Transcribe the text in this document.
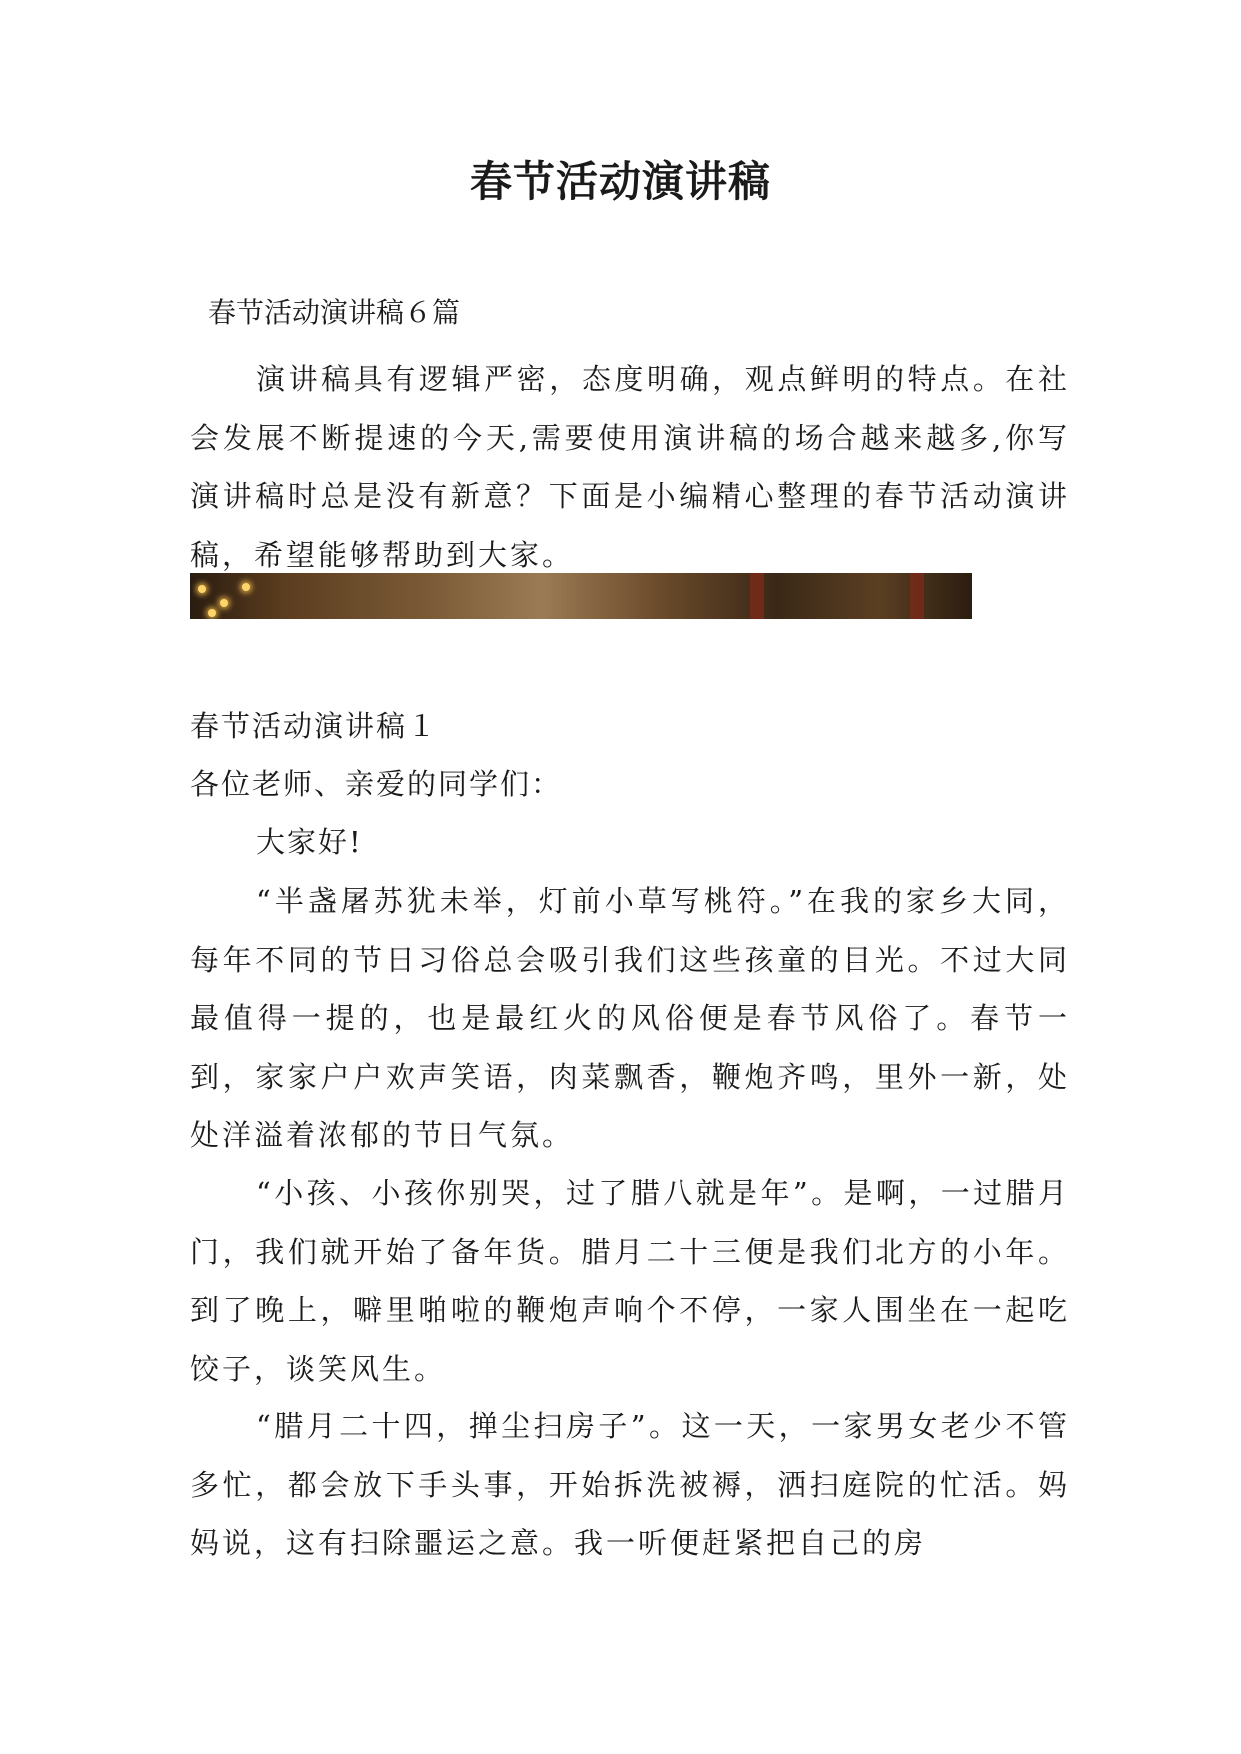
春节活动演讲稿
春节活动演讲稿６篇

演讲稿具有逻辑严密，态度明确，观点鲜明的特点。在社会发展不断提速的今天,需要使用演讲稿的场合越来越多,你写演讲稿时总是没有新意？下面是小编精心整理的春节活动演讲稿，希望能够帮助到大家。

春节活动演讲稿１
各位老师、亲爱的同学们：
大家好!

“半盏屠苏犹未举，灯前小草写桃符。”在我的家乡大同，每年不同的节日习俗总会吸引我们这些孩童的目光。不过大同最值得一提的，也是最红火的风俗便是春节风俗了。春节一到，家家户户欢声笑语，肉菜飘香，鞭炮齐鸣，里外一新，处处洋溢着浓郁的节日气氛。

“小孩、小孩你别哭，过了腊八就是年”。是啊，一过腊月门，我们就开始了备年货。腊月二十三便是我们北方的小年。到了晚上，噼里啪啦的鞭炮声响个不停，一家人围坐在一起吃饺子，谈笑风生。

“腊月二十四，掸尘扫房子”。这一天，一家男女老少不管多忙，都会放下手头事，开始拆洗被褥，洒扫庭院的忙活。妈妈说，这有扫除噩运之意。我一听便赶紧把自己的房
